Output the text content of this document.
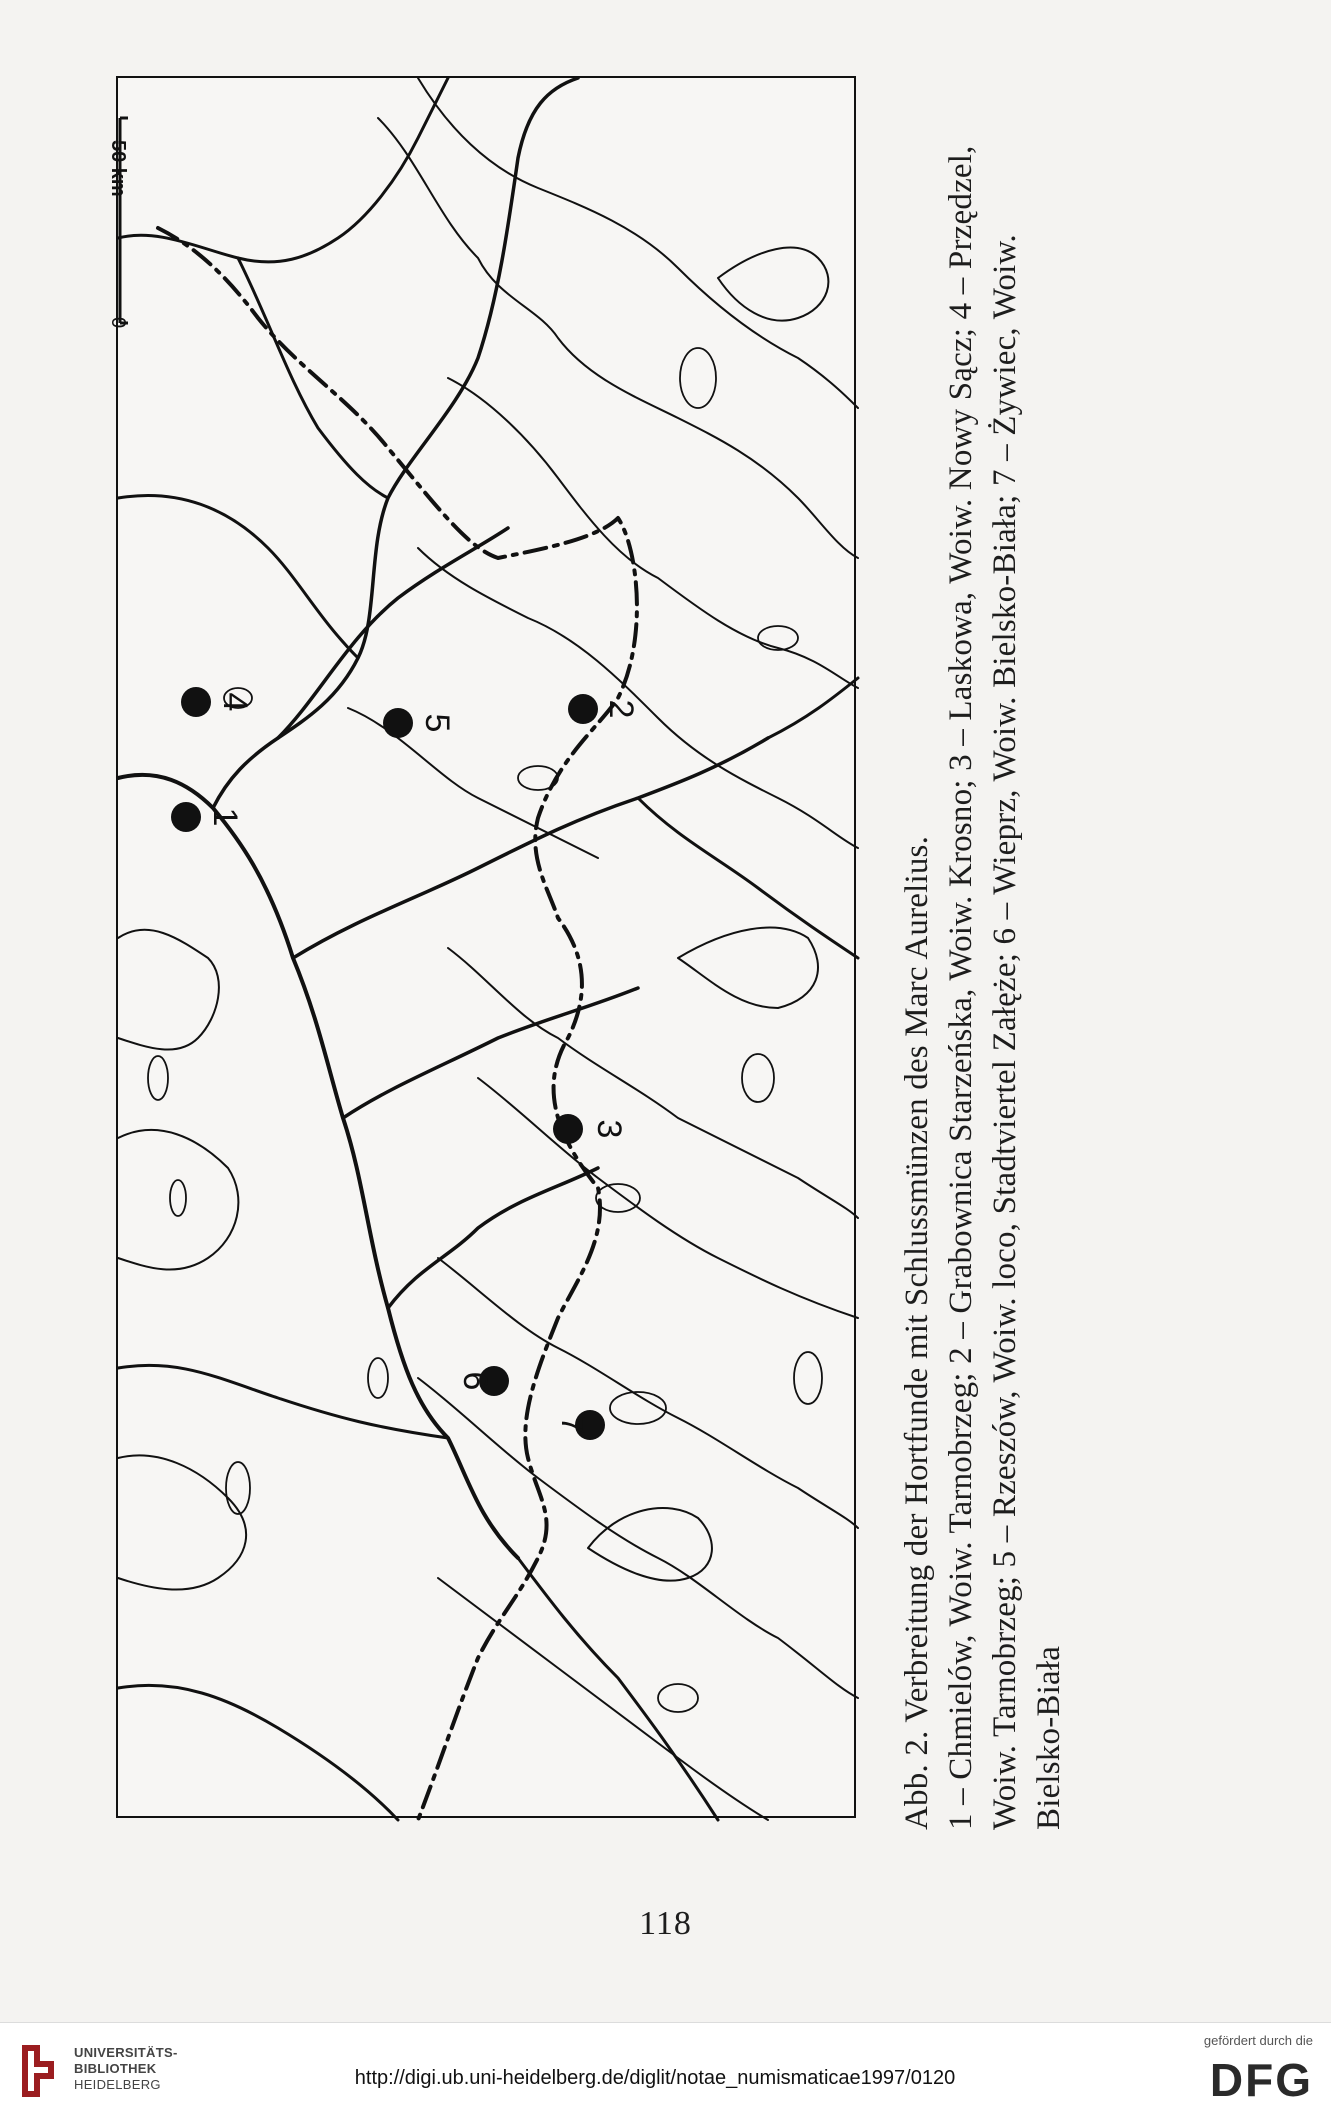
50 km
0
1
2
3
4
5
6
7	Abb. 2. Verbreitung der Hortfunde mit Schlussmünzen des Marc Aurelius. 1 – Chmielów, Woiw. Tarnobrzeg; 2 – Grabownica Starzeńska, Woiw. Krosno; 3 – Laskowa, Woiw. Nowy Sącz; 4 – Przędzel, Woiw. Tarnobrzeg; 5 – Rzeszów, Woiw. loco, Stadtviertel Załęże; 6 – Wieprz, Woiw. Bielsko-Biała; 7 – Żywiec, Woiw. Bielsko-Biała
118
UNIVERSITÄTS-
BIBLIOTHEK
HEIDELBERG	http://digi.ub.uni-heidelberg.de/diglit/notae_numismaticae1997/0120
gefördert durch die
DFG
